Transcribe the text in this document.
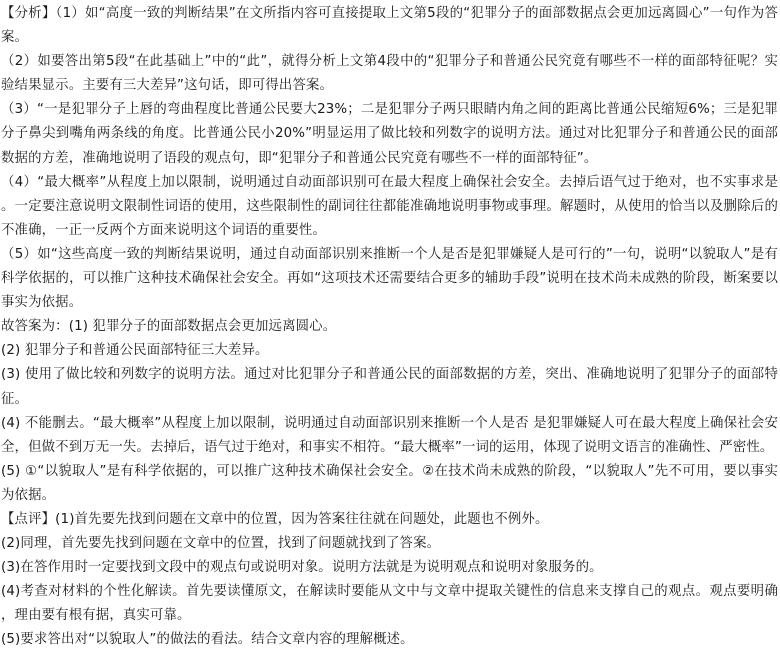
【分析】（1）如“高度一致的判断结果”在文所指内容可直接提取上文第5段的“犯罪分子的面部数据点会更加远离圆心”一句作为答案。

（2）如要答出第5段“在此基础上”中的“此”，就得分析上文第4段中的“犯罪分子和普通公民究竟有哪些不一样的面部特征呢？实验结果显示。主要有三大差异”这句话，即可得出答案。

（3）“一是犯罪分子上唇的弯曲程度比普通公民要大23%；二是犯罪分子两只眼睛内角之间的距离比普通公民缩短6%；三是犯罪分子鼻尖到嘴角两条线的角度。比普通公民小20%”明显运用了做比较和列数字的说明方法。通过对比犯罪分子和普通公民的面部数据的方差，准确地说明了语段的观点句，即“犯罪分子和普通公民究竟有哪些不一样的面部特征”。

（4）“最大概率”从程度上加以限制，说明通过自动面部识别可在最大程度上确保社会安全。去掉后语气过于绝对，也不实事求是。一定要注意说明文限制性词语的使用，这些限制性的副词往往都能准确地说明事物或事理。解题时，从使用的恰当以及删除后的不准确，一正一反两个方面来说明这个词语的重要性。

（5）如“这些高度一致的判断结果说明，通过自动面部识别来推断一个人是否是犯罪嫌疑人是可行的”一句，说明“以貌取人”是有科学依据的，可以推广这种技术确保社会安全。再如“这项技术还需要结合更多的辅助手段”说明在技术尚未成熟的阶段，断案要以事实为依据。

故答案为：(1) 犯罪分子的面部数据点会更加远离圆心。

(2) 犯罪分子和普通公民面部特征三大差异。

(3) 使用了做比较和列数字的说明方法。通过对比犯罪分子和普通公民的面部数据的方差，突出、准确地说明了犯罪分子的面部特征。

(4) 不能删去。“最大概率”从程度上加以限制，说明通过自动面部识别来推断一个人是否 是犯罪嫌疑人可在最大程度上确保社会安全，但做不到万无一失。去掉后，语气过于绝对，和事实不相符。“最大概率”一词的运用，体现了说明文语言的准确性、严密性。

(5) ①“以貌取人”是有科学依据的，可以推广这种技术确保社会安全。②在技术尚未成熟的阶段，“以貌取人”先不可用，要以事实为依据。

【点评】(1)首先要先找到问题在文章中的位置，因为答案往往就在问题处，此题也不例外。

(2)同理，首先要先找到问题在文章中的位置，找到了问题就找到了答案。

(3)在答作用时一定要找到文段中的观点句或说明对象。说明方法就是为说明观点和说明对象服务的。

(4)考查对材料的个性化解读。首先要读懂原文，在解读时要能从文中与文章中提取关键性的信息来支撑自己的观点。观点要明确，理由要有根有据，真实可靠。

(5)要求答出对“以貌取人”的做法的看法。结合文章内容的理解概述。
